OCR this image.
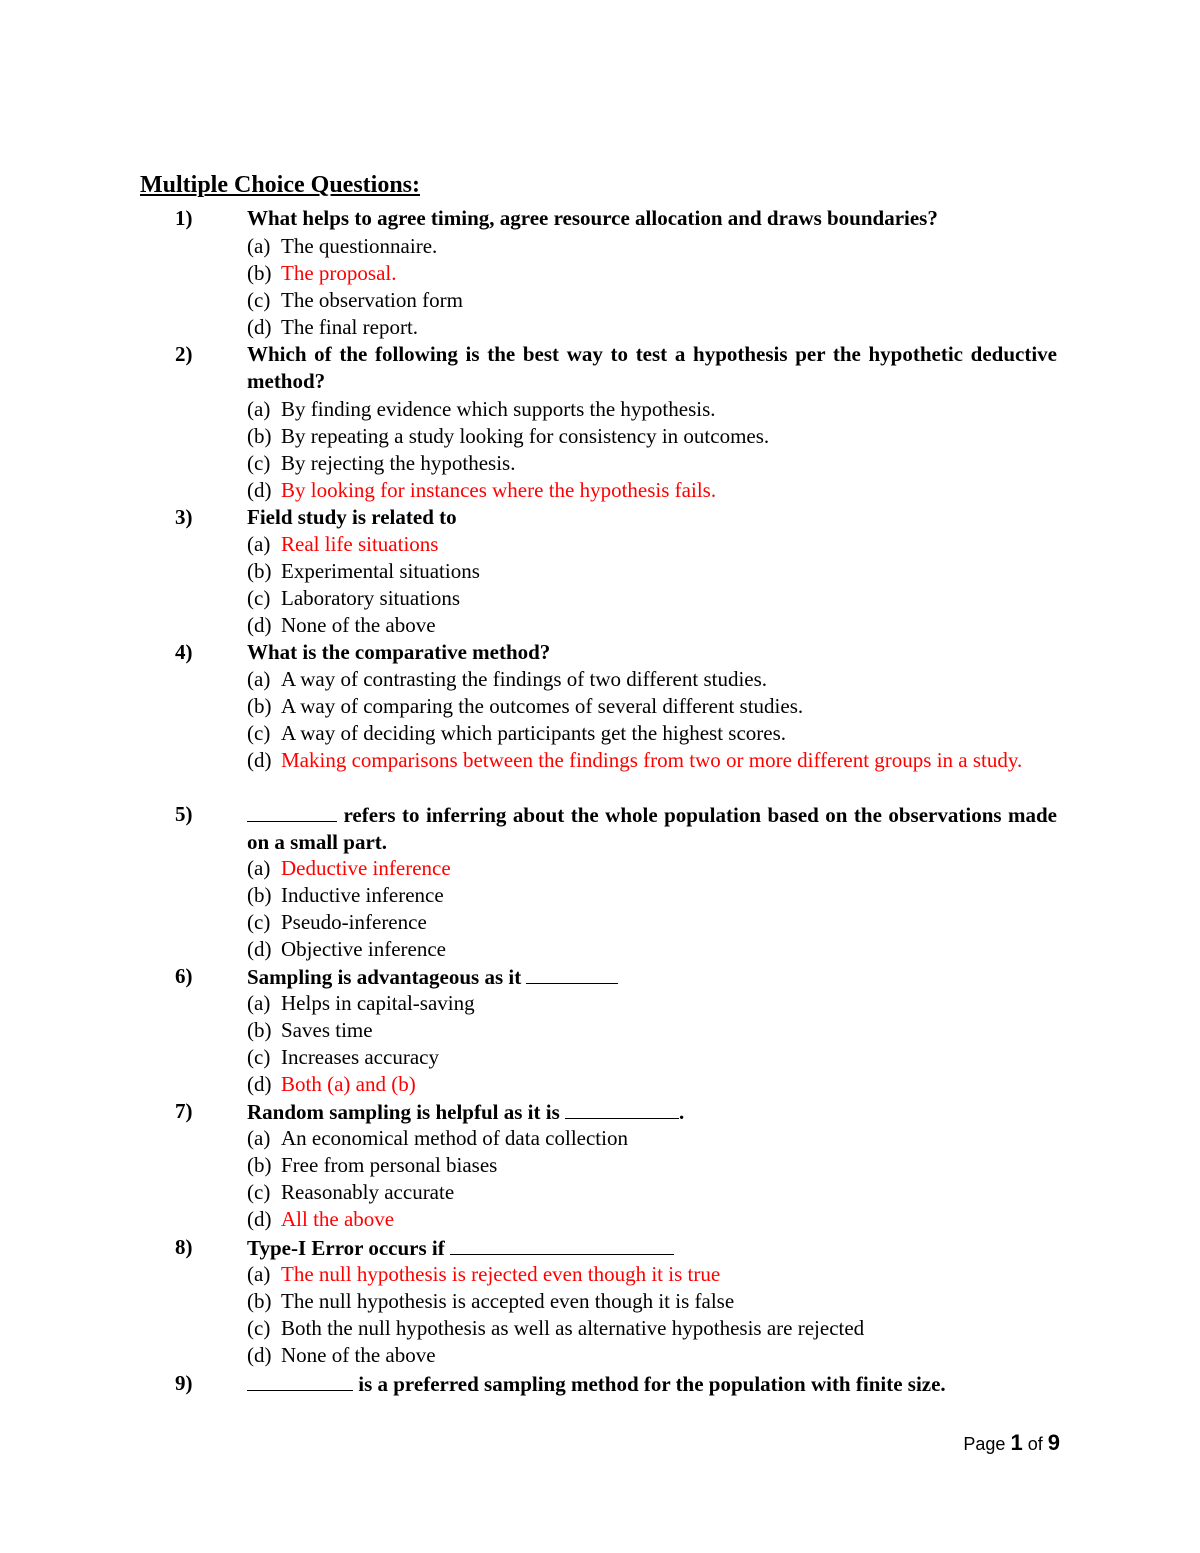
Multiple Choice Questions:
1)	What helps to agree timing, agree resource allocation and draws boundaries?
(a) The questionnaire.
(b) The proposal.
(c) The observation form
(d) The final report.
2)	Which of the following is the best way to test a hypothesis per the hypothetic deductive method?
(a) By finding evidence which supports the hypothesis.
(b) By repeating a study looking for consistency in outcomes.
(c) By rejecting the hypothesis.
(d) By looking for instances where the hypothesis fails.
3)	Field study is related to
(a) Real life situations
(b) Experimental situations
(c) Laboratory situations
(d) None of the above
4)	What is the comparative method?
(a) A way of contrasting the findings of two different studies.
(b) A way of comparing the outcomes of several different studies.
(c) A way of deciding which participants get the highest scores.
(d) Making comparisons between the findings from two or more different groups in a study.
5)	refers to inferring about the whole population based on the observations made on a small part.
(a) Deductive inference
(b) Inductive inference
(c) Pseudo-inference
(d) Objective inference
6)	Sampling is advantageous as it
(a) Helps in capital-saving
(b) Saves time
(c) Increases accuracy
(d) Both (a) and (b)
7)	Random sampling is helpful as it is	.
(a) An economical method of data collection
(b) Free from personal biases
(c) Reasonably accurate
(d) All the above
8)	Type-I Error occurs if
(a) The null hypothesis is rejected even though it is true
(b) The null hypothesis is accepted even though it is false
(c) Both the null hypothesis as well as alternative hypothesis are rejected
(d) None of the above
9)	is a preferred sampling method for the population with finite size.
Page 1 of 9
